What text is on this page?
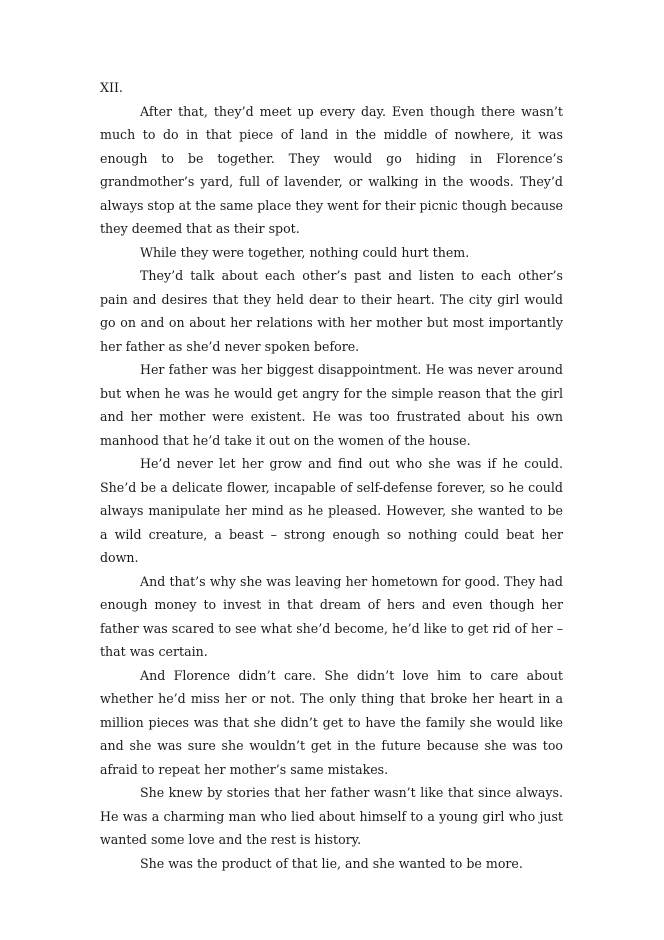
XII.

After that, they’d meet up every day. Even though there wasn’t much to do in that piece of land in the middle of nowhere, it was enough to be together. They would go hiding in Florence’s grandmother’s yard, full of lavender, or walking in the woods. They’d always stop at the same place they went for their picnic though because they deemed that as their spot.

While they were together, nothing could hurt them.

They’d talk about each other’s past and listen to each other’s pain and desires that they held dear to their heart. The city girl would go on and on about her relations with her mother but most importantly her father as she’d never spoken before.

Her father was her biggest disappointment. He was never around but when he was he would get angry for the simple reason that the girl and her mother were existent. He was too frustrated about his own manhood that he’d take it out on the women of the house.

He’d never let her grow and find out who she was if he could. She’d be a delicate flower, incapable of self-defense forever, so he could always manipulate her mind as he pleased. However, she wanted to be a wild creature, a beast – strong enough so nothing could beat her down.

And that’s why she was leaving her hometown for good. They had enough money to invest in that dream of hers and even though her father was scared to see what she’d become, he’d like to get rid of her – that was certain.

And Florence didn’t care. She didn’t love him to care about whether he’d miss her or not. The only thing that broke her heart in a million pieces was that she didn’t get to have the family she would like and she was sure she wouldn’t get in the future because she was too afraid to repeat her mother’s same mistakes.

She knew by stories that her father wasn’t like that since always. He was a charming man who lied about himself to a young girl who just wanted some love and the rest is history.

She was the product of that lie, and she wanted to be more.
